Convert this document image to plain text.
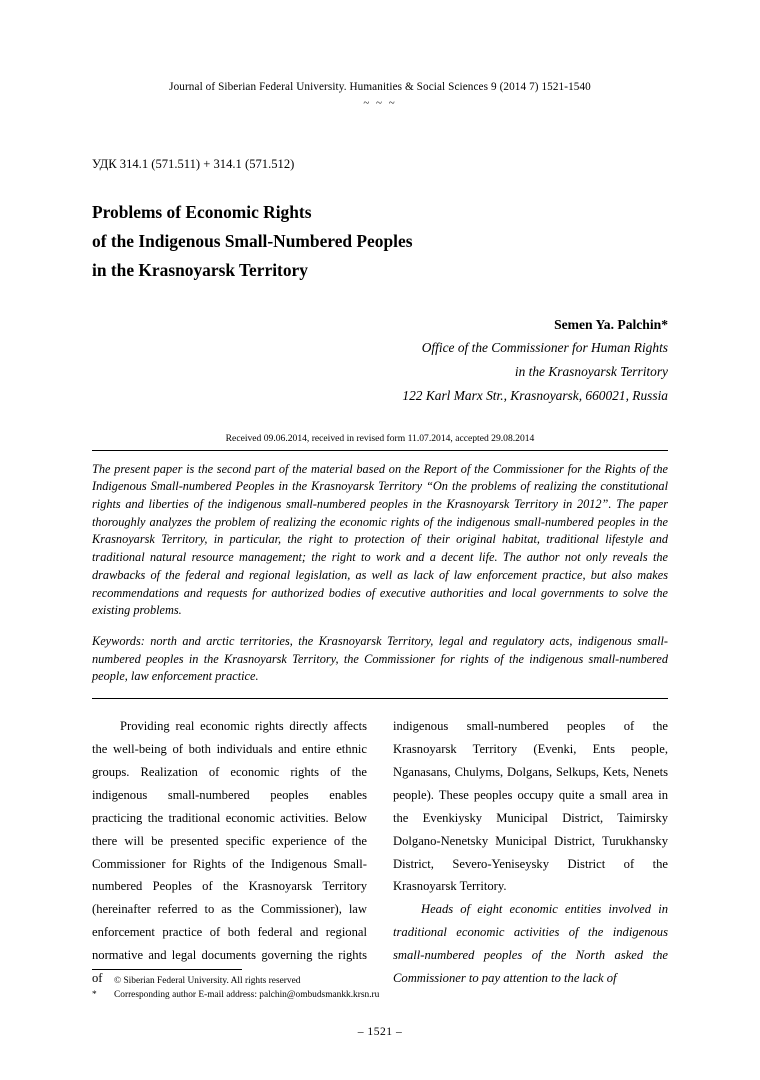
Journal of Siberian Federal University. Humanities & Social Sciences 9 (2014 7) 1521-1540
~ ~ ~
УДК 314.1 (571.511) + 314.1 (571.512)
Problems of Economic Rights
of the Indigenous Small-Numbered Peoples
in the Krasnoyarsk Territory
Semen Ya. Palchin*
Office of the Commissioner for Human Rights
in the Krasnoyarsk Territory
122 Karl Marx Str., Krasnoyarsk, 660021, Russia
Received 09.06.2014, received in revised form 11.07.2014, accepted 29.08.2014
The present paper is the second part of the material based on the Report of the Commissioner for the Rights of the Indigenous Small-numbered Peoples in the Krasnoyarsk Territory “On the problems of realizing the constitutional rights and liberties of the indigenous small-numbered peoples in the Krasnoyarsk Territory in 2012”. The paper thoroughly analyzes the problem of realizing the economic rights of the indigenous small-numbered peoples in the Krasnoyarsk Territory, in particular, the right to protection of their original habitat, traditional lifestyle and traditional natural resource management; the right to work and a decent life. The author not only reveals the drawbacks of the federal and regional legislation, as well as lack of law enforcement practice, but also makes recommendations and requests for authorized bodies of executive authorities and local governments to solve the existing problems.
Keywords: north and arctic territories, the Krasnoyarsk Territory, legal and regulatory acts, indigenous small-numbered peoples in the Krasnoyarsk Territory, the Commissioner for rights of the indigenous small-numbered people, law enforcement practice.

Providing real economic rights directly affects the well-being of both individuals and entire ethnic groups. Realization of economic rights of the indigenous small-numbered peoples enables practicing the traditional economic activities. Below there will be presented specific experience of the Commissioner for Rights of the Indigenous Small-numbered Peoples of the Krasnoyarsk Territory (hereinafter referred to as the Commissioner), law enforcement practice of both federal and regional normative and legal documents governing the rights of

indigenous small-numbered peoples of the Krasnoyarsk Territory (Evenki, Ents people, Nganasans, Chulyms, Dolgans, Selkups, Kets, Nenets people). These peoples occupy quite a small area in the Evenkiysky Municipal District, Taimirsky Dolgano-Nenetsky Municipal District, Turukhansky District, Severo-Yeniseysky District of the Krasnoyarsk Territory.

Heads of eight economic entities involved in traditional economic activities of the indigenous small-numbered peoples of the North asked the Commissioner to pay attention to the lack of

© Siberian Federal University. All rights reserved
* Corresponding author E-mail address: palchin@ombudsmankk.krsn.ru
– 1521 –
